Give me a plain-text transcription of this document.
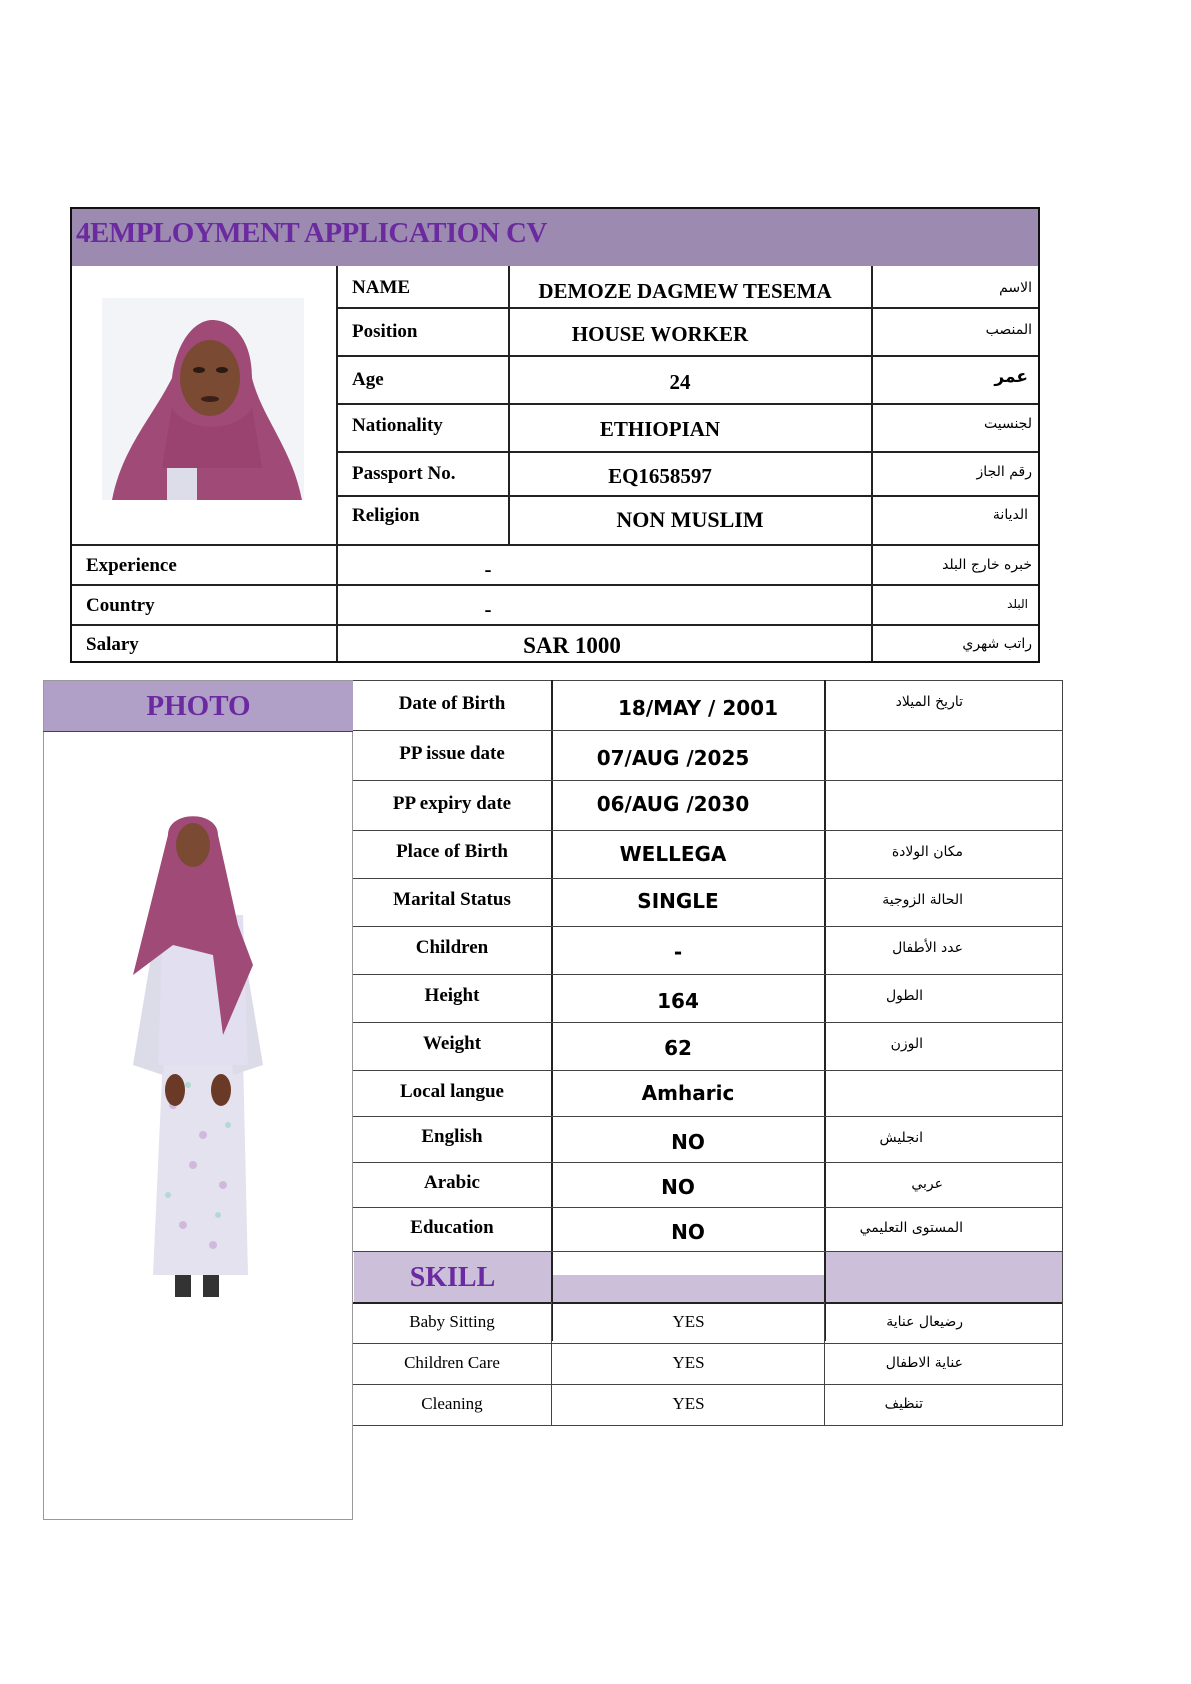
4EMPLOYMENT APPLICATION CV
NAME	DEMOZE DAGMEW TESEMA	الاسم
Position	HOUSE WORKER	المنصب
Age	24	عمر
Nationality	ETHIOPIAN	لجنسيت
Passport No.	EQ1658597	رقم الجاز
Religion	NON MUSLIM	الديانة
Experience	-	خبره خارج البلد
Country	-	البلد
Salary	SAR 1000	راتب شهري
PHOTO	Date of Birth	18/MAY / 2001	تاريخ الميلاد
PP issue date	07/AUG /2025
PP expiry date	06/AUG /2030
Place of Birth	WELLEGA	مكان الولادة
Marital Status	SINGLE	الحالة الزوجية
Children	-	عدد الأطفال
Height	164	الطول
Weight	62	الوزن
Local langue	Amharic
English	NO	انجليش
Arabic	NO	عربي
Education	NO	المستوى التعليمي
SKILL
Baby Sitting	YES	رضيعال عناية
Children Care	YES	عناية الاطفال
Cleaning	YES	تنظيف
